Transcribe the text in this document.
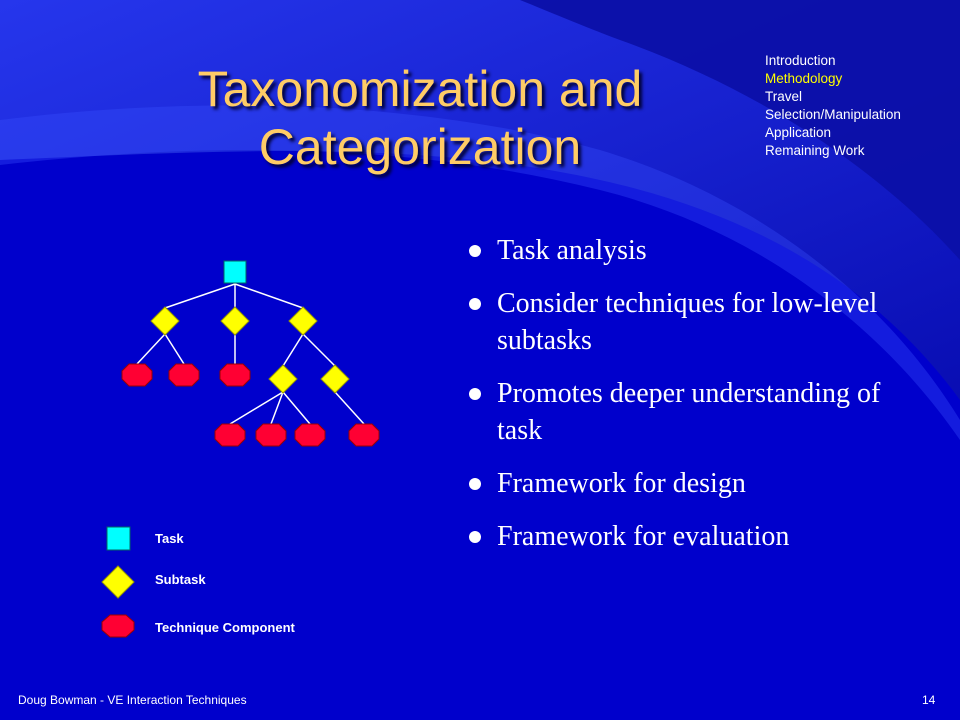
Taxonomization and Categorization
Introduction
Methodology
Travel
Selection/Manipulation
Application
Remaining Work
Task analysis
Consider techniques for low-level subtasks
Promotes deeper understanding of task
Framework for design
Framework for evaluation
Task
Subtask
Technique Component
Doug Bowman - VE Interaction Techniques	14
